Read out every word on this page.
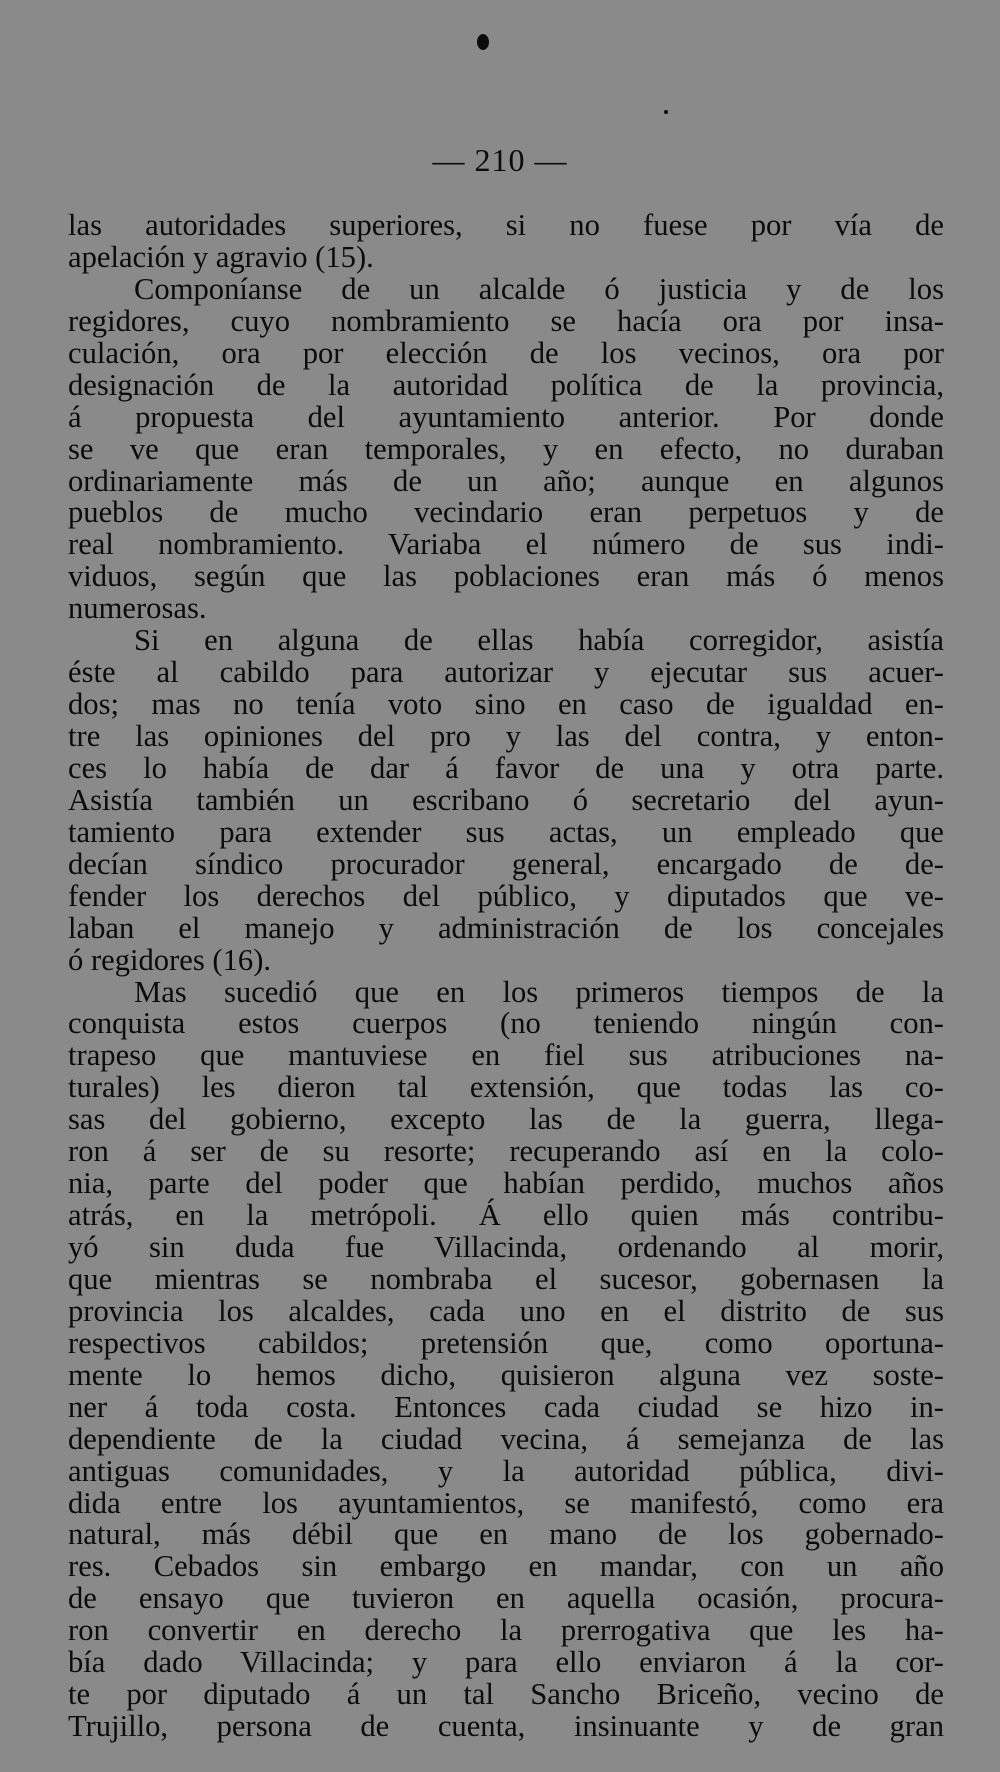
— 210 —
las autoridades superiores, si no fuese por vía de
apelación y agravio (15).
Componíanse de un alcalde ó justicia y de los
regidores, cuyo nombramiento se hacía ora por insa-
culación, ora por elección de los vecinos, ora por
designación de la autoridad política de la provincia,
á propuesta del ayuntamiento anterior. Por donde
se ve que eran temporales, y en efecto, no duraban
ordinariamente más de un año; aunque en algunos
pueblos de mucho vecindario eran perpetuos y de
real nombramiento. Variaba el número de sus indi-
viduos, según que las poblaciones eran más ó menos
numerosas.
Si en alguna de ellas había corregidor, asistía
éste al cabildo para autorizar y ejecutar sus acuer-
dos; mas no tenía voto sino en caso de igualdad en-
tre las opiniones del pro y las del contra, y enton-
ces lo había de dar á favor de una y otra parte.
Asistía también un escribano ó secretario del ayun-
tamiento para extender sus actas, un empleado que
decían síndico procurador general, encargado de de-
fender los derechos del público, y diputados que ve-
laban el manejo y administración de los concejales
ó regidores (16).
Mas sucedió que en los primeros tiempos de la
conquista estos cuerpos (no teniendo ningún con-
trapeso que mantuviese en fiel sus atribuciones na-
turales) les dieron tal extensión, que todas las co-
sas del gobierno, excepto las de la guerra, llega-
ron á ser de su resorte; recuperando así en la colo-
nia, parte del poder que habían perdido, muchos años
atrás, en la metrópoli. Á ello quien más contribu-
yó sin duda fue Villacinda, ordenando al morir,
que mientras se nombraba el sucesor, gobernasen la
provincia los alcaldes, cada uno en el distrito de sus
respectivos cabildos; pretensión que, como oportuna-
mente lo hemos dicho, quisieron alguna vez soste-
ner á toda costa. Entonces cada ciudad se hizo in-
dependiente de la ciudad vecina, á semejanza de las
antiguas comunidades, y la autoridad pública, divi-
dida entre los ayuntamientos, se manifestó, como era
natural, más débil que en mano de los gobernado-
res. Cebados sin embargo en mandar, con un año
de ensayo que tuvieron en aquella ocasión, procura-
ron convertir en derecho la prerrogativa que les ha-
bía dado Villacinda; y para ello enviaron á la cor-
te por diputado á un tal Sancho Briceño, vecino de
Trujillo, persona de cuenta, insinuante y de gran
